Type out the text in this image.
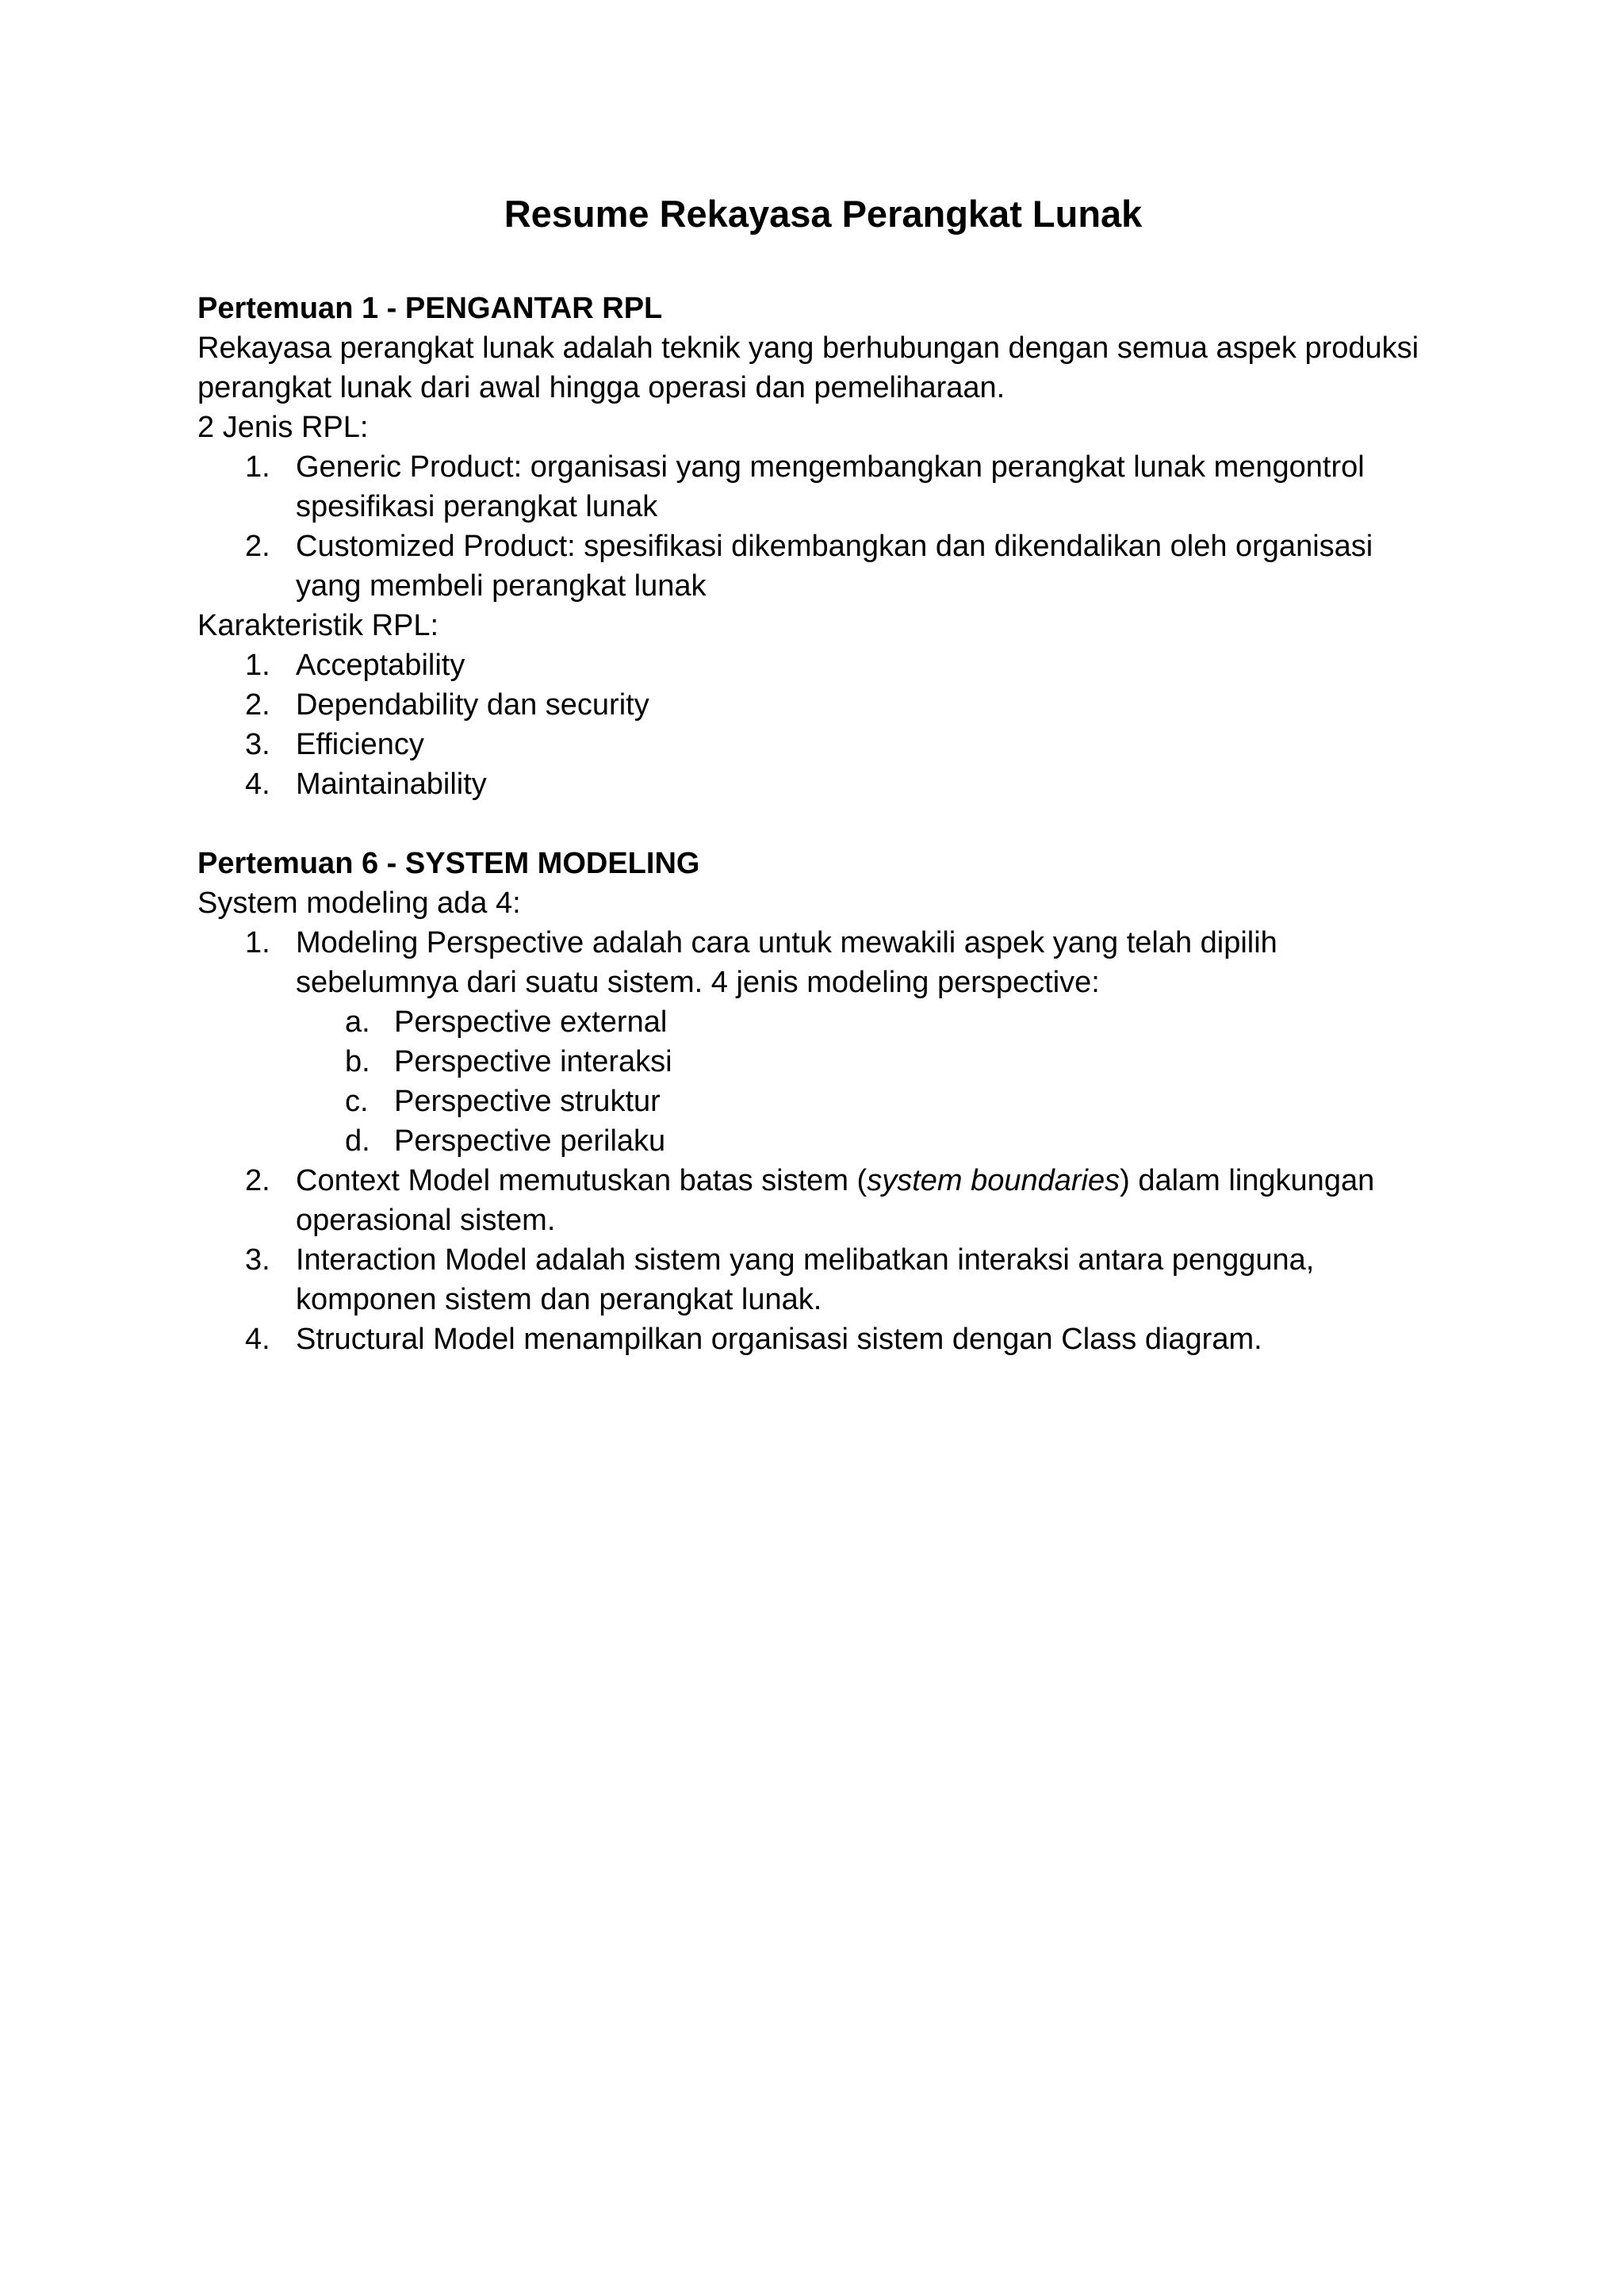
Resume Rekayasa Perangkat Lunak

Pertemuan 1 - PENGANTAR RPL

Rekayasa perangkat lunak adalah teknik yang berhubungan dengan semua aspek produksi perangkat lunak dari awal hingga operasi dan pemeliharaan.

2 Jenis RPL:

1. Generic Product: organisasi yang mengembangkan perangkat lunak mengontrol spesifikasi perangkat lunak
2. Customized Product: spesifikasi dikembangkan dan dikendalikan oleh organisasi yang membeli perangkat lunak

Karakteristik RPL:

1. Acceptability
2. Dependability dan security
3. Efficiency
4. Maintainability

Pertemuan 6 - SYSTEM MODELING

System modeling ada 4:

1. Modeling Perspective adalah cara untuk mewakili aspek yang telah dipilih sebelumnya dari suatu sistem. 4 jenis modeling perspective:
a. Perspective external
b. Perspective interaksi
c. Perspective struktur
d. Perspective perilaku
2. Context Model memutuskan batas sistem (system boundaries) dalam lingkungan operasional sistem.
3. Interaction Model adalah sistem yang melibatkan interaksi antara pengguna, komponen sistem dan perangkat lunak.
4. Structural Model menampilkan organisasi sistem dengan Class diagram.
